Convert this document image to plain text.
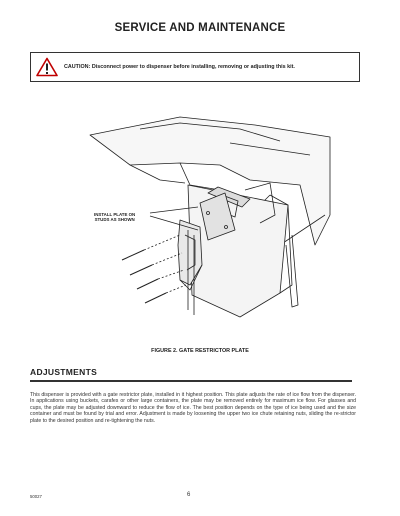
SERVICE AND MAINTENANCE
CAUTION: Disconnect power to dispenser before installing, removing or adjusting this kit.
INSTALL PLATE ON
STUDS AS SHOWN
FIGURE 2. GATE RESTRICTOR PLATE
ADJUSTMENTS
This dispenser is provided with a gate restrictor plate, installed in it highest position. This plate adjusts the rate of ice flow from the dispenser. In applications using buckets, carafes or other large containers, the plate may be removed entirely for maximum ice flow. For glasses and cups, the plate may be adjusted downward to reduce the flow of ice. The best position depends on the type of ice being used and the size container and must be found by trial and error. Adjustment is made by loosening the upper two ice chute retaining nuts, sliding the re-strictor plate to the desired position and re-tightening the nuts.
50027	6
